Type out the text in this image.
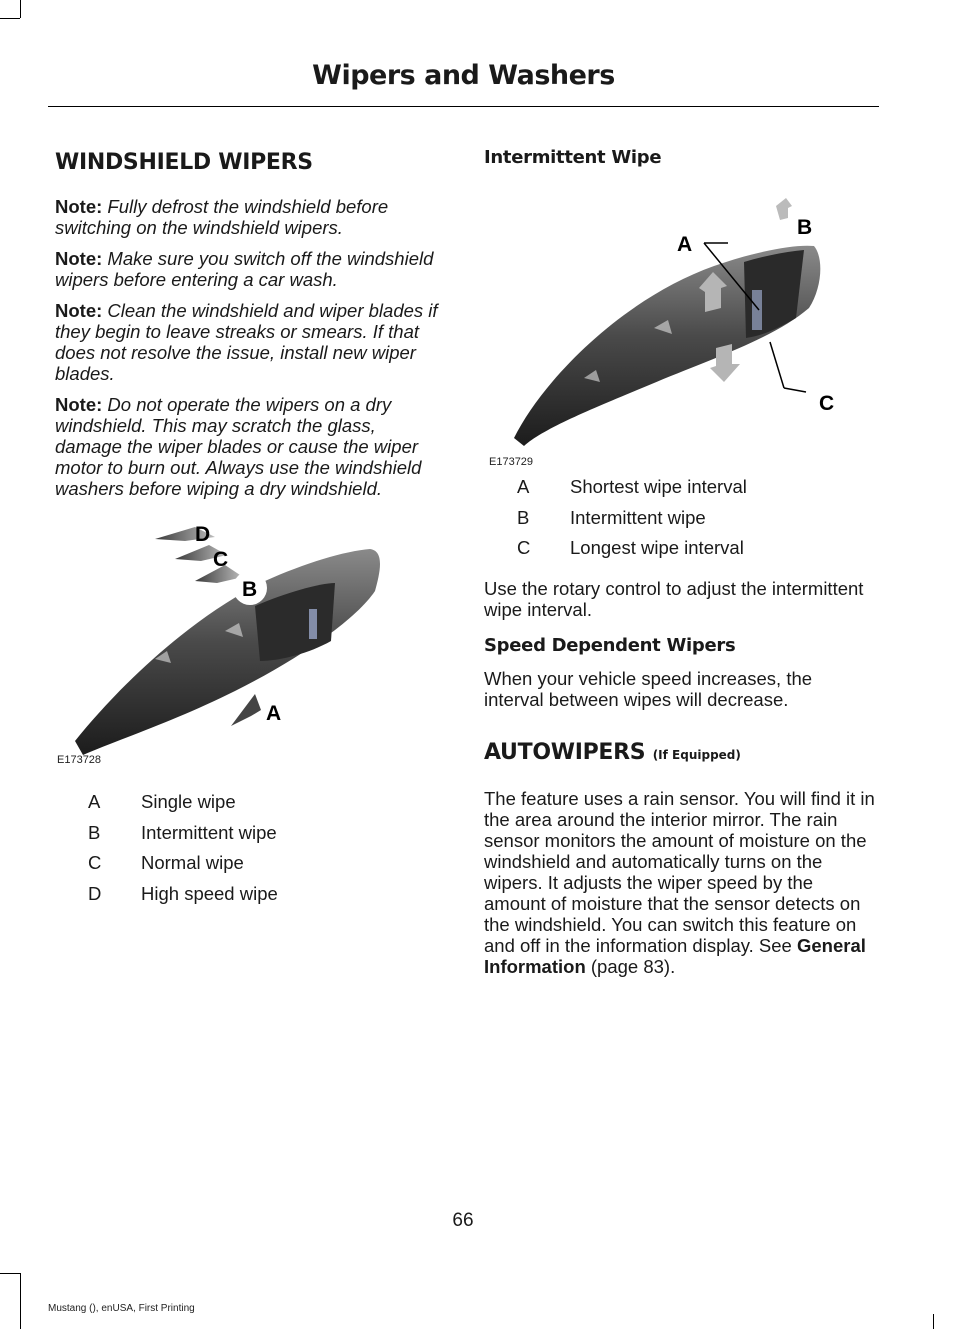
Wipers and Washers
WINDSHIELD WIPERS

Note: Fully defrost the windshield before switching on the windshield wipers.

Note: Make sure you switch off the windshield wipers before entering a car wash.

Note: Clean the windshield and wiper blades if they begin to leave streaks or smears. If that does not resolve the issue, install new wiper blades.

Note: Do not operate the wipers on a dry windshield. This may scratch the glass, damage the wiper blades or cause the wiper motor to burn out. Always use the windshield washers before wiping a dry windshield.

D
C
B
A
E173728
A	Single wipe
B	Intermittent wipe
C	Normal wipe
D	High speed wipe
Intermittent Wipe
A
B
C
E173729
A	Shortest wipe interval
B	Intermittent wipe
C	Longest wipe interval

Use the rotary control to adjust the intermittent wipe interval.

Speed Dependent Wipers

When your vehicle speed increases, the interval between wipes will decrease.

AUTOWIPERS (If Equipped)

The feature uses a rain sensor. You will find it in the area around the interior mirror. The rain sensor monitors the amount of moisture on the windshield and automatically turns on the wipers. It adjusts the wiper speed by the amount of moisture that the sensor detects on the windshield. You can switch this feature on and off in the information display. See General Information (page 83).

66
Mustang (), enUSA, First Printing
